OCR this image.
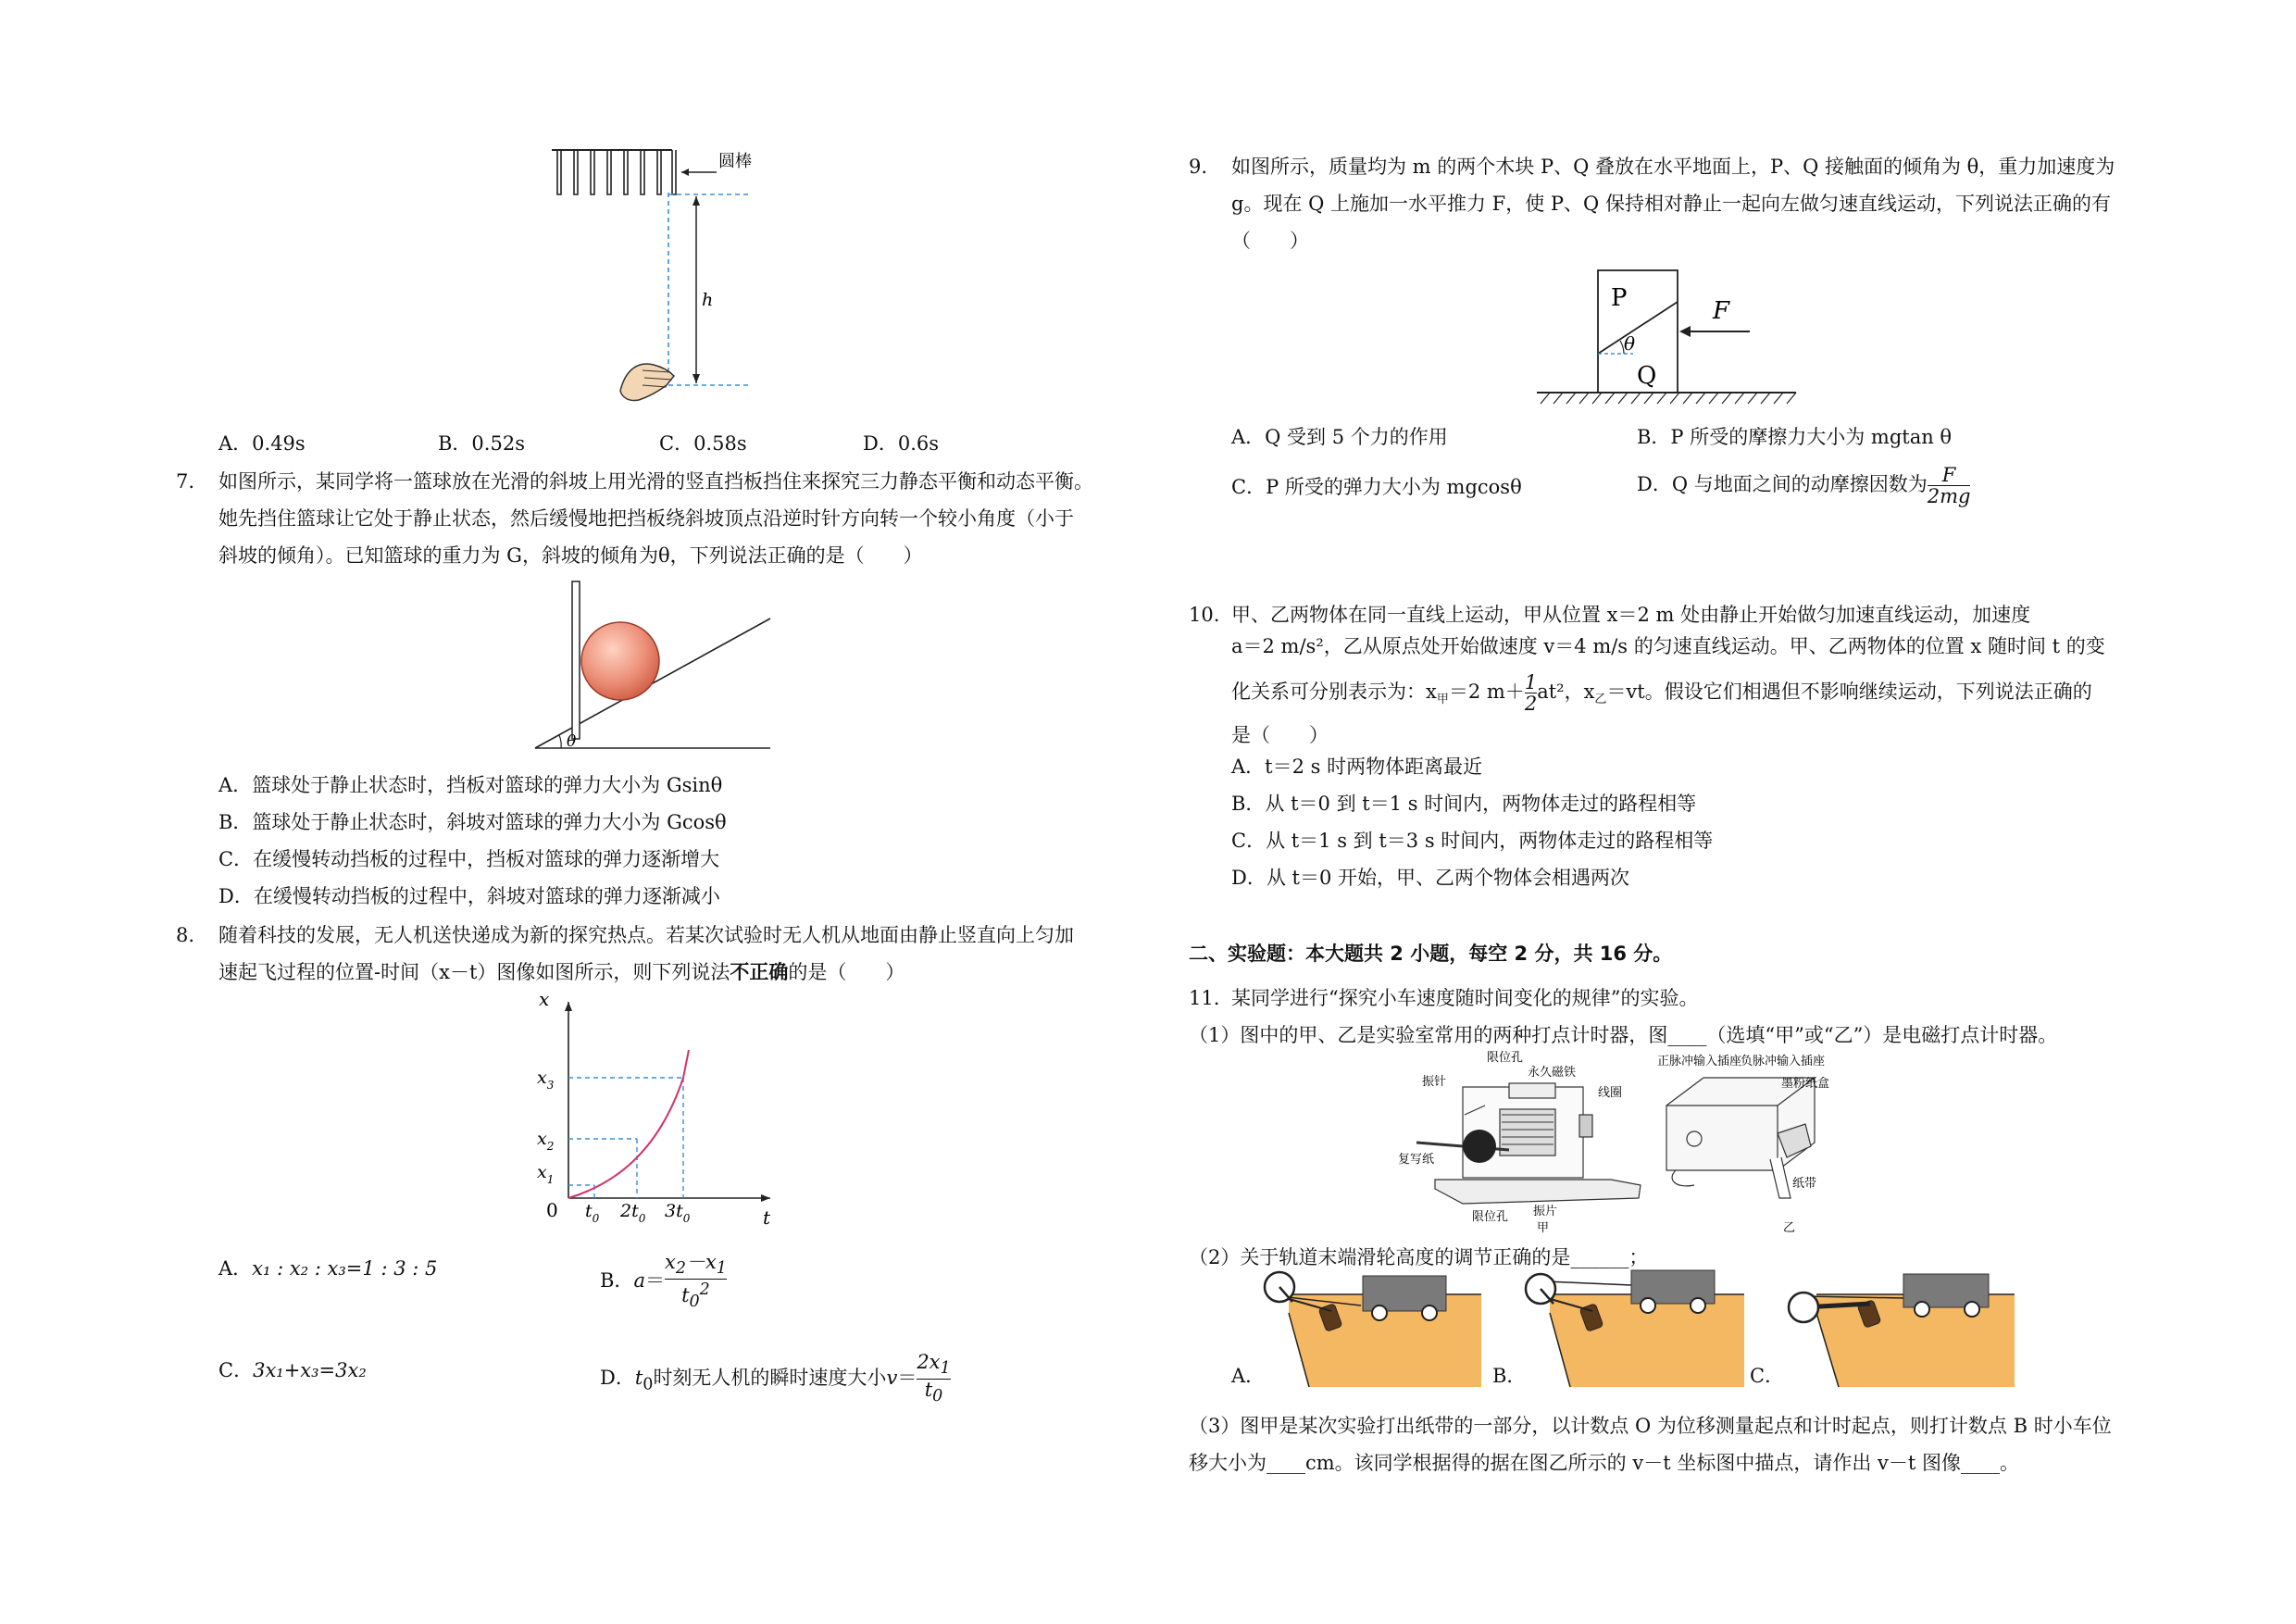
圆棒
h
A．0.49s	B．0.52s	C．0.58s	D．0.6s
7. 如图所示，某同学将一篮球放在光滑的斜坡上用光滑的竖直挡板挡住来探究三力静态平衡和动态平衡。
她先挡住篮球让它处于静止状态，然后缓慢地把挡板绕斜坡顶点沿逆时针方向转一个较小角度（小于
斜坡的倾角）。已知篮球的重力为 G，斜坡的倾角为θ，下列说法正确的是（　　）
θ
A．篮球处于静止状态时，挡板对篮球的弹力大小为 Gsinθ
B．篮球处于静止状态时，斜坡对篮球的弹力大小为 Gcosθ
C．在缓慢转动挡板的过程中，挡板对篮球的弹力逐渐增大
D．在缓慢转动挡板的过程中，斜坡对篮球的弹力逐渐减小
8. 随着科技的发展，无人机送快递成为新的探究热点。若某次试验时无人机从地面由静止竖直向上匀加
速起飞过程的位置-时间（x－t）图像如图所示，则下列说法不正确的是（　　）
x
t
0
$x_3$
$x_2$
$x_1$
$t_0$ $2t_0$ $3t_0$
A．x₁ : x₂ : x₃=1 : 3 : 5
B．$a= \frac{x_2-x_1}{t_0^2}$
C．3x₁+x₃=3x₂	D．$t_0$时刻无人机的瞬时速度大小$v= \frac{2x_1}{t_0}$
9. 如图所示，质量均为 m 的两个木块 P、Q 叠放在水平地面上，P、Q 接触面的倾角为 θ，重力加速度为
g。现在 Q 上施加一水平推力 F，使 P、Q 保持相对静止一起向左做匀速直线运动，下列说法正确的有
（　　）
P
Q
θ
F
A．Q 受到 5 个力的作用	B．P 所受的摩擦力大小为 mgtan θ
C．P 所受的弹力大小为 mgcosθ	D．Q 与地面之间的动摩擦因数为 $\frac{F}{2mg}$
10. 甲、乙两物体在同一直线上运动，甲从位置 x＝2 m 处由静止开始做匀加速直线运动，加速度
a＝2 m/s²，乙从原点处开始做速度 v＝4 m/s 的匀速直线运动。甲、乙两物体的位置 x 随时间 t 的变
化关系可分别表示为：$x_甲=2$ $m+ \frac{1}{2} at^2$，$x_乙=vt$。假设它们相遇但不影响继续运动，下列说法正确的
是（　　）
A．t＝2 s 时两物体距离最近
B．从 t＝0 到 t＝1 s 时间内，两物体走过的路程相等
C．从 t＝1 s 到 t＝3 s 时间内，两物体走过的路程相等
D．从 t＝0 开始，甲、乙两个物体会相遇两次
二、实验题：本大题共 2 小题，每空 2 分，共 16 分。
11. 某同学进行“探究小车速度随时间变化的规律”的实验。
（1）图中的甲、乙是实验室常用的两种打点计时器，图____（选填“甲”或“乙”）是电磁打点计时器。
振针
限位孔
永久磁铁
线圈
复写纸
限位孔 振片
甲
正脉冲输入插座
负脉冲输入插座
墨粉纸盒
纸带
乙
（2）关于轨道末端滑轮高度的调节正确的是______；
A．	B．	C．
（3）图甲是某次实验打出纸带的一部分，以计数点 O 为位移测量起点和计时起点，则打计数点 B 时小车位
移大小为____cm。该同学根据得的据在图乙所示的 v－t 坐标图中描点，请作出 v－t 图像____。
